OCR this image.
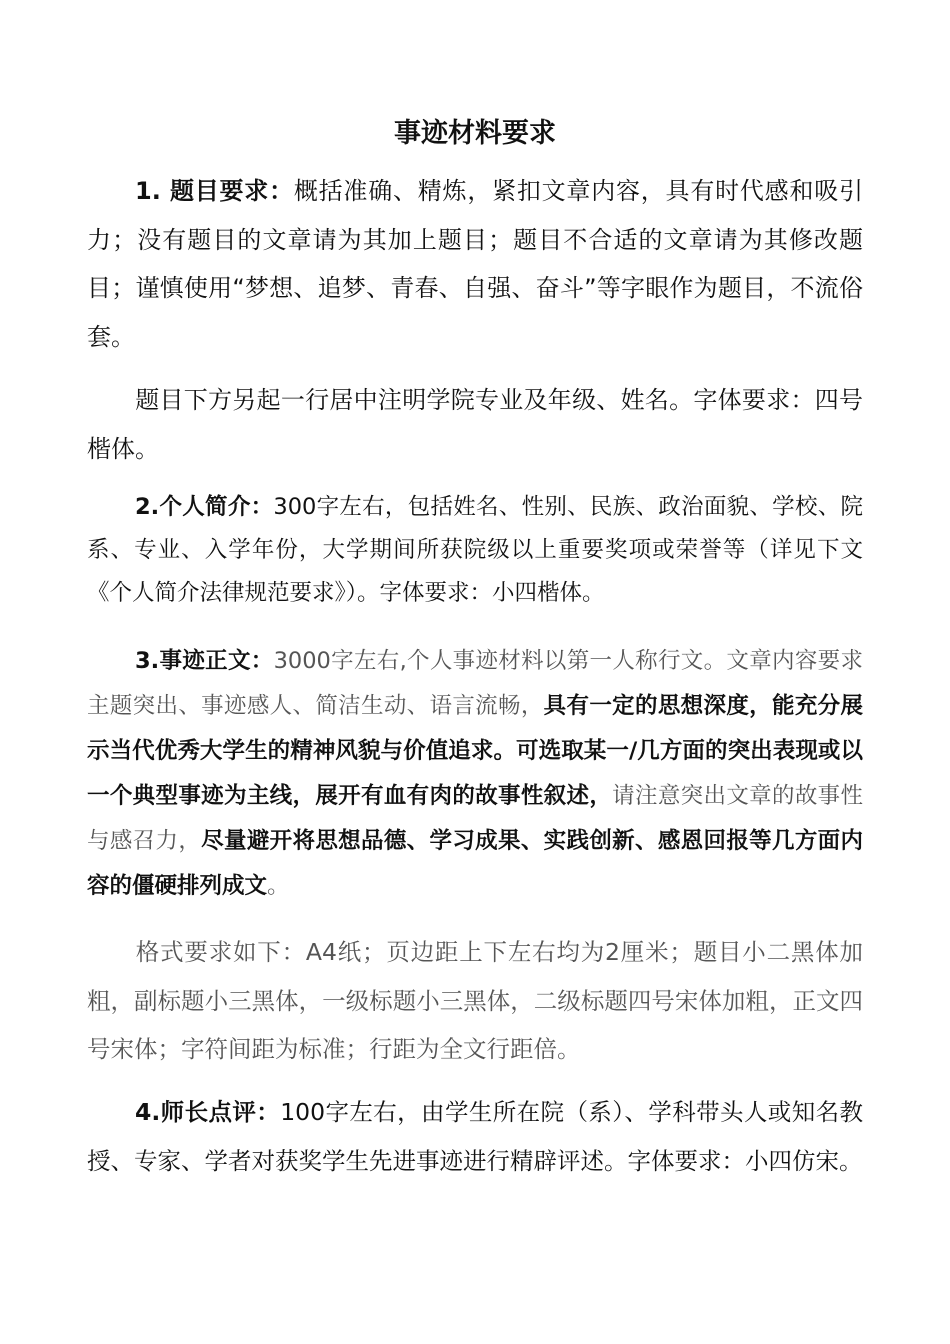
事迹材料要求
1. 题目要求：概括准确、精炼，紧扣文章内容，具有时代感和吸引力；没有题目的文章请为其加上题目；题目不合适的文章请为其修改题目；谨慎使用“梦想、追梦、青春、自强、奋斗”等字眼作为题目，不流俗套。
题目下方另起一行居中注明学院专业及年级、姓名。字体要求：四号楷体。
2.个人简介：300字左右，包括姓名、性别、民族、政治面貌、学校、院系、专业、入学年份，大学期间所获院级以上重要奖项或荣誉等（详见下文《个人简介法律规范要求》）。字体要求：小四楷体。
3.事迹正文：3000字左右,个人事迹材料以第一人称行文。文章内容要求主题突出、事迹感人、简洁生动、语言流畅，具有一定的思想深度，能充分展示当代优秀大学生的精神风貌与价值追求。可选取某一/几方面的突出表现或以一个典型事迹为主线，展开有血有肉的故事性叙述，请注意突出文章的故事性与感召力，尽量避开将思想品德、学习成果、实践创新、感恩回报等几方面内容的僵硬排列成文。
格式要求如下：A4纸；页边距上下左右均为2厘米；题目小二黑体加粗，副标题小三黑体，一级标题小三黑体，二级标题四号宋体加粗，正文四号宋体；字符间距为标准；行距为全文行距倍。
4.师长点评：100字左右，由学生所在院（系）、学科带头人或知名教授、专家、学者对获奖学生先进事迹进行精辟评述。字体要求：小四仿宋。
